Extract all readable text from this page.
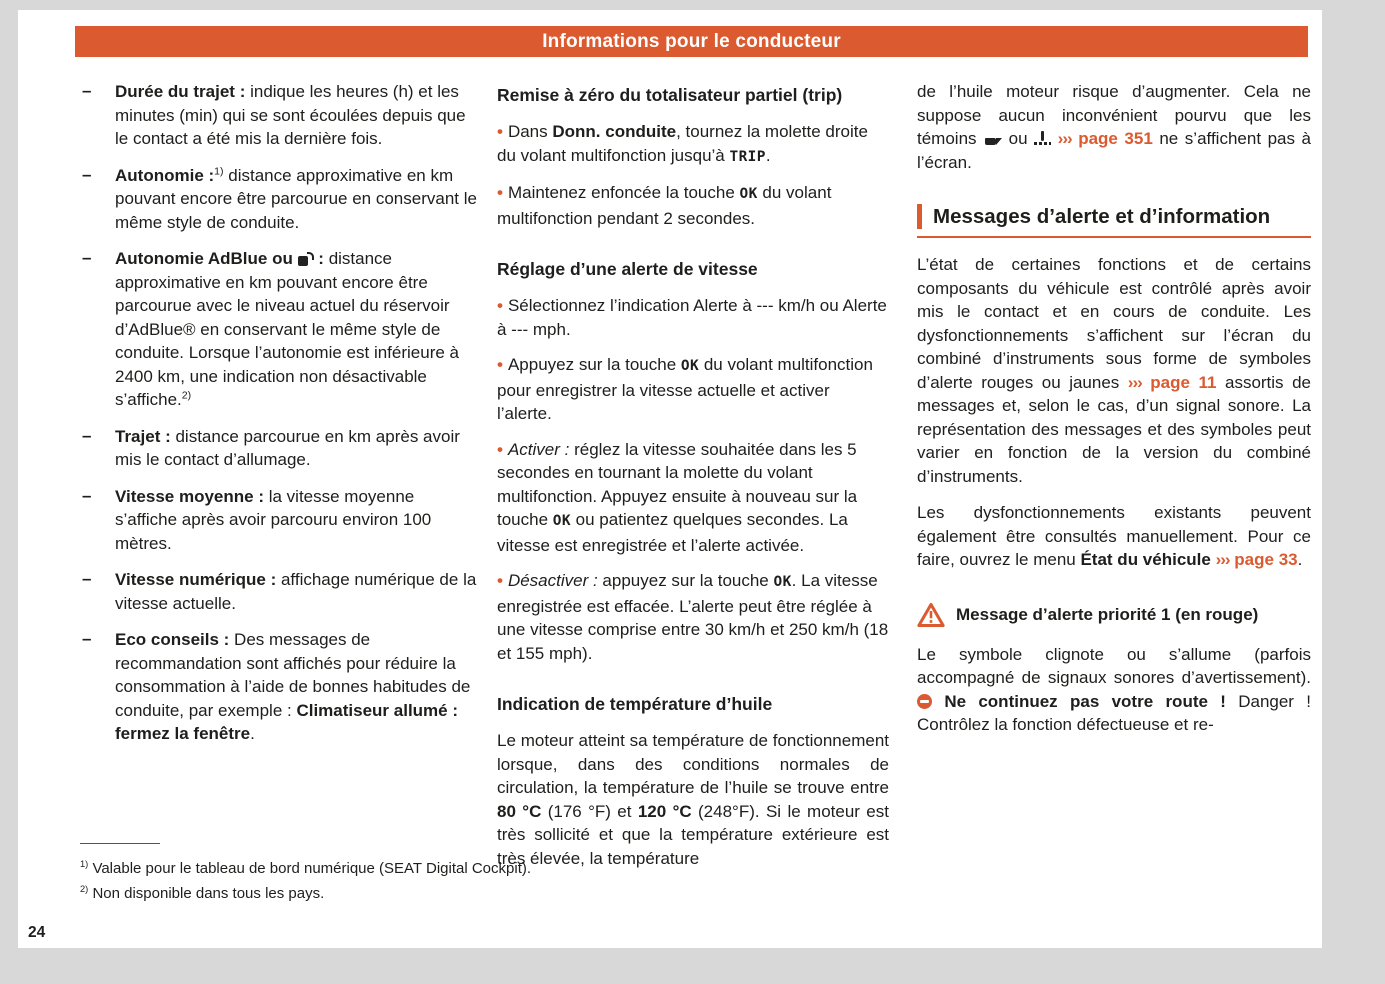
Informations pour le conducteur
– Durée du trajet : indique les heures (h) et les minutes (min) qui se sont écoulées depuis que le contact a été mis la dernière fois.
– Autonomie :$^{1)}$ distance approximative en km pouvant encore être parcourue en conservant le même style de conduite.
– Autonomie AdBlue ou  : distance approximative en km pouvant encore être parcourue avec le niveau actuel du réservoir d’AdBlue® en conservant le même style de conduite. Lorsque l’autonomie est inférieure à 2400 km, une indication non désactivable s’affiche.$^{2)}$
– Trajet : distance parcourue en km après avoir mis le contact d’allumage.
– Vitesse moyenne : la vitesse moyenne s’affiche après avoir parcouru environ 100 mètres.
– Vitesse numérique : affichage numérique de la vitesse actuelle.
– Eco conseils : Des messages de recommandation sont affichés pour réduire la consommation à l’aide de bonnes habitudes de conduite, par exemple : Climatiseur allumé : fermez la fenêtre.
Remise à zéro du totalisateur partiel (trip)
• Dans Donn. conduite, tournez la molette droite du volant multifonction jusqu’à TRIP.
• Maintenez enfoncée la touche OK du volant multifonction pendant 2 secondes.
Réglage d’une alerte de vitesse
• Sélectionnez l’indication Alerte à --- km/h ou Alerte à --- mph.
• Appuyez sur la touche OK du volant multifonction pour enregistrer la vitesse actuelle et activer l’alerte.
• Activer : réglez la vitesse souhaitée dans les 5 secondes en tournant la molette du volant multifonction. Appuyez ensuite à nouveau sur la touche OK ou patientez quelques secondes. La vitesse est enregistrée et l’alerte activée.
• Désactiver : appuyez sur la touche OK. La vitesse enregistrée est effacée. L’alerte peut être réglée à une vitesse comprise entre 30 km/h et 250 km/h (18 et 155 mph).
Indication de température d’huile

Le moteur atteint sa température de fonctionnement lorsque, dans des conditions normales de circulation, la température de l’huile se trouve entre 80 °C (176 °F) et 120 °C (248°F). Si le moteur est très sollicité et que la température extérieure est très élevée, la température

de l’huile moteur risque d’augmenter. Cela ne suppose aucun inconvénient pourvu que les témoins  ou  ››› page 351 ne s’affichent pas à l’écran.

Messages d’alerte et d’information

L’état de certaines fonctions et de certains composants du véhicule est contrôlé après avoir mis le contact et en cours de conduite. Les dysfonctionnements s’affichent sur l’écran du combiné d’instruments sous forme de symboles d’alerte rouges ou jaunes ››› page 11 assortis de messages et, selon le cas, d’un signal sonore. La représentation des messages et des symboles peut varier en fonction de la version du combiné d’instruments.

Les dysfonctionnements existants peuvent également être consultés manuellement. Pour ce faire, ouvrez le menu État du véhicule ››› page 33.

Message d’alerte priorité 1 (en rouge)

Le symbole clignote ou s’allume (parfois accompagné de signaux sonores d’avertissement).  Ne continuez pas votre route ! Danger ! Contrôlez la fonction défectueuse et re-

$^{1)}$ Valable pour le tableau de bord numérique (SEAT Digital Cockpit).
$^{2)}$ Non disponible dans tous les pays.
24
